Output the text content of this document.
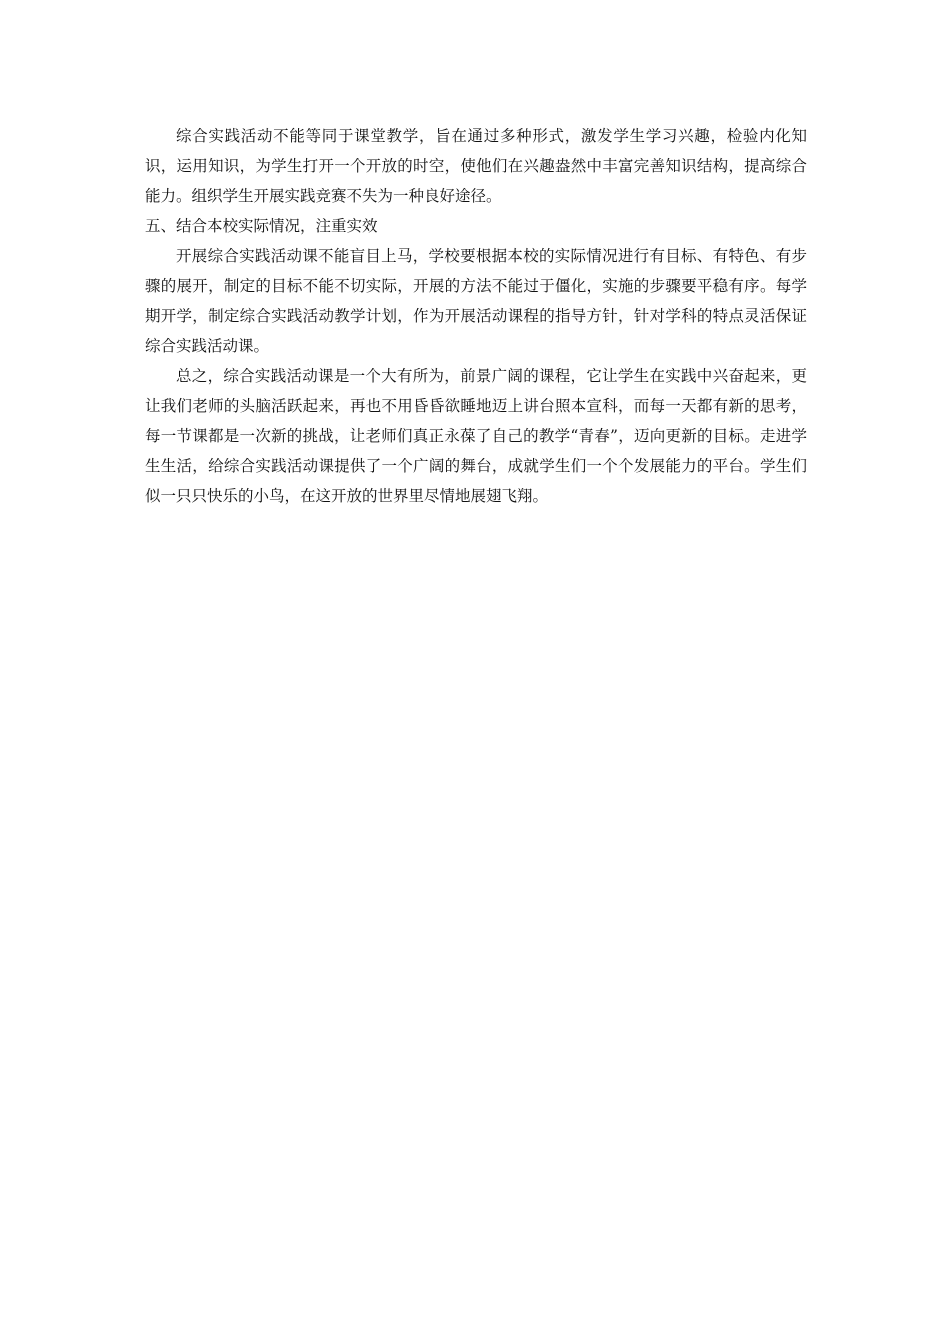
综合实践活动不能等同于课堂教学，旨在通过多种形式，激发学生学习兴趣，检验内化知识，运用知识，为学生打开一个开放的时空，使他们在兴趣盎然中丰富完善知识结构，提高综合能力。组织学生开展实践竞赛不失为一种良好途径。

五、结合本校实际情况，注重实效

开展综合实践活动课不能盲目上马，学校要根据本校的实际情况进行有目标、有特色、有步骤的展开，制定的目标不能不切实际，开展的方法不能过于僵化，实施的步骤要平稳有序。每学期开学，制定综合实践活动教学计划，作为开展活动课程的指导方针，针对学科的特点灵活保证综合实践活动课。

总之，综合实践活动课是一个大有所为，前景广阔的课程，它让学生在实践中兴奋起来，更让我们老师的头脑活跃起来，再也不用昏昏欲睡地迈上讲台照本宣科，而每一天都有新的思考，每一节课都是一次新的挑战，让老师们真正永葆了自己的教学“青春”，迈向更新的目标。走进学生生活，给综合实践活动课提供了一个广阔的舞台，成就学生们一个个发展能力的平台。学生们似一只只快乐的小鸟，在这开放的世界里尽情地展翅飞翔。
